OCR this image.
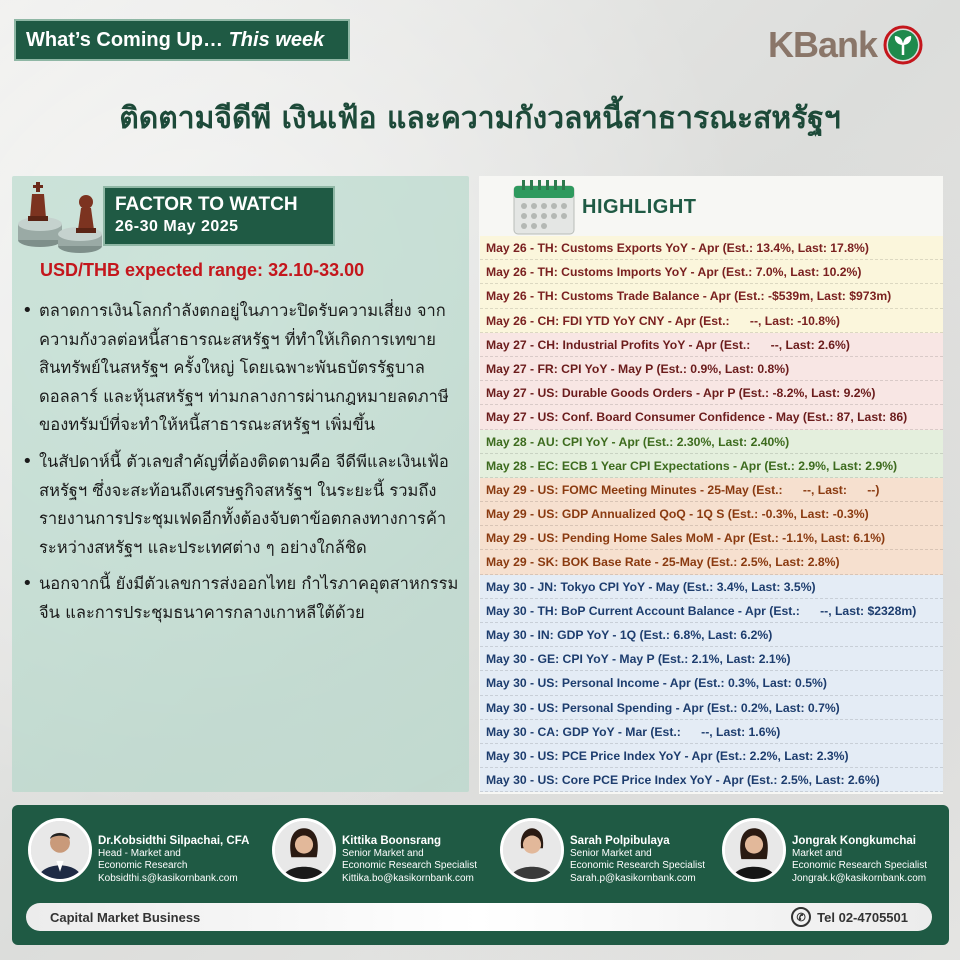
What’s Coming Up… This week	KBank
ติดตามจีดีพี เงินเฟ้อ และความกังวลหนี้สาธารณะสหรัฐฯ
FACTOR TO WATCH
26-30 May 2025
USD/THB expected range: 32.10-33.00
• ตลาดการเงินโลกกำลังตกอยู่ในภาวะปิดรับความเสี่ยง จากความกังวลต่อหนี้สาธารณะสหรัฐฯ ที่ทำให้เกิดการเทขายสินทรัพย์ในสหรัฐฯ ครั้งใหญ่ โดยเฉพาะพันธบัตรรัฐบาล ดอลลาร์ และหุ้นสหรัฐฯ ท่ามกลางการผ่านกฎหมายลดภาษีของทรัมป์ที่จะทำให้หนี้สาธารณะสหรัฐฯ เพิ่มขึ้น
• ในสัปดาห์นี้ ตัวเลขสำคัญที่ต้องติดตามคือ จีดีพีและเงินเฟ้อสหรัฐฯ ซึ่งจะสะท้อนถึงเศรษฐกิจสหรัฐฯ ในระยะนี้ รวมถึงรายงานการประชุมเฟดอีกทั้งต้องจับตาข้อตกลงทางการค้าระหว่างสหรัฐฯ และประเทศต่าง ๆ อย่างใกล้ชิด
• นอกจากนี้ ยังมีตัวเลขการส่งออกไทย กำไรภาคอุตสาหกรรมจีน และการประชุมธนาคารกลางเกาหลีใต้ด้วย
HIGHLIGHT
May 26 - TH: Customs Exports YoY - Apr (Est.: 13.4%, Last: 17.8%)
May 26 - TH: Customs Imports YoY - Apr (Est.: 7.0%, Last: 10.2%)
May 26 - TH: Customs Trade Balance - Apr (Est.: -$539m, Last: $973m)
May 26 - CH: FDI YTD YoY CNY - Apr (Est.:      --, Last: -10.8%)
May 27 - CH: Industrial Profits YoY - Apr (Est.:      --, Last: 2.6%)
May 27 - FR: CPI YoY - May P (Est.: 0.9%, Last: 0.8%)
May 27 - US: Durable Goods Orders - Apr P (Est.: -8.2%, Last: 9.2%)
May 27 - US: Conf. Board Consumer Confidence - May (Est.: 87, Last: 86)
May 28 - AU: CPI YoY - Apr (Est.: 2.30%, Last: 2.40%)
May 28 - EC: ECB 1 Year CPI Expectations - Apr (Est.: 2.9%, Last: 2.9%)
May 29 - US: FOMC Meeting Minutes - 25-May (Est.:      --, Last:      --)
May 29 - US: GDP Annualized QoQ - 1Q S (Est.: -0.3%, Last: -0.3%)
May 29 - US: Pending Home Sales MoM - Apr (Est.: -1.1%, Last: 6.1%)
May 29 - SK: BOK Base Rate - 25-May (Est.: 2.5%, Last: 2.8%)
May 30 - JN: Tokyo CPI YoY - May (Est.: 3.4%, Last: 3.5%)
May 30 - TH: BoP Current Account Balance - Apr (Est.:      --, Last: $2328m)
May 30 - IN: GDP YoY - 1Q (Est.: 6.8%, Last: 6.2%)
May 30 - GE: CPI YoY - May P (Est.: 2.1%, Last: 2.1%)
May 30 - US: Personal Income - Apr (Est.: 0.3%, Last: 0.5%)
May 30 - US: Personal Spending - Apr (Est.: 0.2%, Last: 0.7%)
May 30 - CA: GDP YoY - Mar (Est.:      --, Last: 1.6%)
May 30 - US: PCE Price Index YoY - Apr (Est.: 2.2%, Last: 2.3%)
May 30 - US: Core PCE Price Index YoY - Apr (Est.: 2.5%, Last: 2.6%)
Dr.Kobsidthi Silpachai, CFA
Head - Market and
Economic Research
Kobsidthi.s@kasikornbank.com
Kittika Boonsrang
Senior Market and
Economic Research Specialist
Kittika.bo@kasikornbank.com
Sarah Polpibulaya
Senior Market and
Economic Research Specialist
Sarah.p@kasikornbank.com
Jongrak Kongkumchai
Market and
Economic Research Specialist
Jongrak.k@kasikornbank.com
Capital Market Business	✆ Tel 02-4705501
